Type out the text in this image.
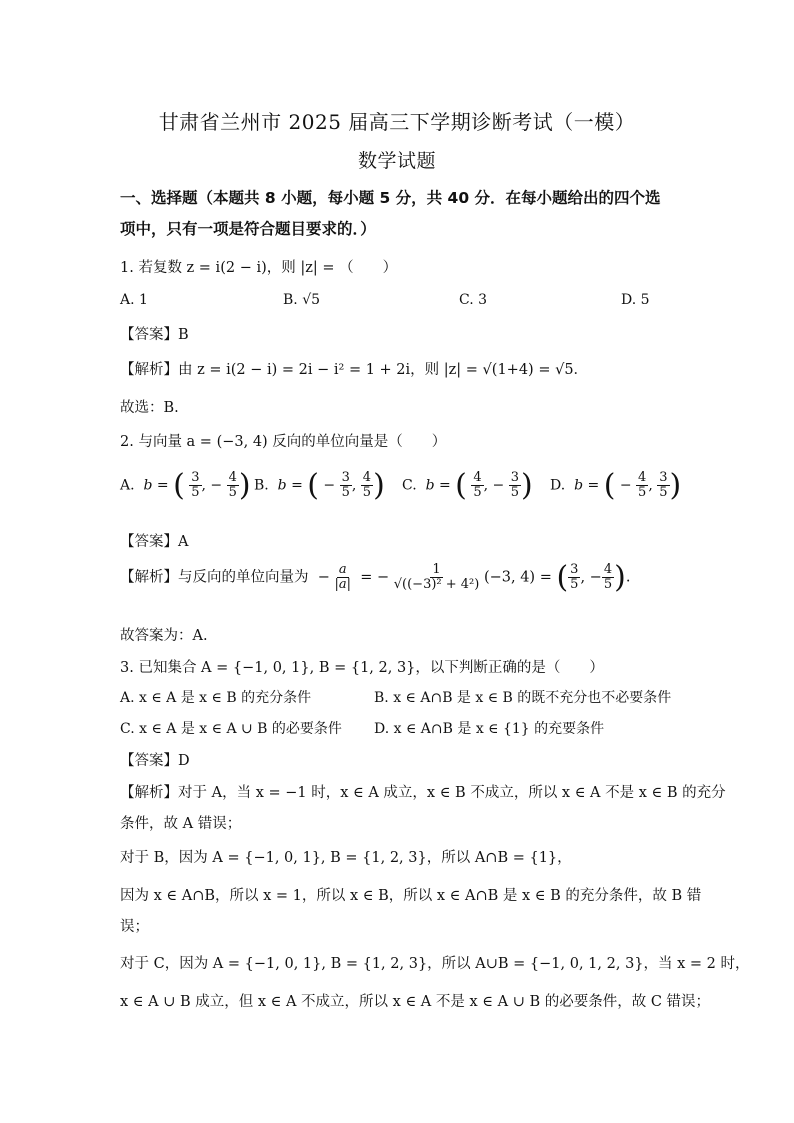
甘肃省兰州市 2025 届高三下学期诊断考试（一模）
数学试题
一、选择题（本题共 8 小题，每小题 5 分，共 40 分．在每小题给出的四个选
项中，只有一项是符合题目要求的．）
1. 若复数 z = i(2 − i)，则 |z| = （　　）
A. 1	B. √5	C. 3	D. 5
【答案】B
【解析】由 z = i(2 − i) = 2i − i² = 1 + 2i，则 |z| = √(1+4) = √5．
故选：B.
2. 与向量 a = (−3, 4) 反向的单位向量是（　　）
A.  b = ( $\frac{3}{5}$ , − $\frac{4}{5}$ ) B.  b = ( − $\frac{3}{5}$ , $\frac{4}{5}$ ) C.  b = ( $\frac{4}{5}$ , − $\frac{3}{5}$ ) D.  b = ( − $\frac{4}{5}$ , $\frac{3}{5}$ )
【答案】A
【解析】与反向的单位向量为  − $\frac{a}{|a|}$ = − $\frac{1}{\text{√((−3)² + 4²)}} (-3$, 4) = ( $\frac{3}{5}$ , − $\frac{4}{5}$ ).
故答案为：A.
3. 已知集合 A = {−1, 0, 1}, B = {1, 2, 3}，以下判断正确的是（　　）
A. x ∈ A 是 x ∈ B 的充分条件	B. x ∈ A∩B 是 x ∈ B 的既不充分也不必要条件
C. x ∈ A 是 x ∈ A ∪ B 的必要条件 D. x ∈ A∩B 是 x ∈ {1} 的充要条件
【答案】D
【解析】对于 A，当 x = −1 时，x ∈ A 成立，x ∈ B 不成立，所以 x ∈ A 不是 x ∈ B 的充分
条件，故 A 错误；
对于 B，因为 A = {−1, 0, 1}, B = {1, 2, 3}，所以 A∩B = {1}，
因为 x ∈ A∩B，所以 x = 1，所以 x ∈ B，所以 x ∈ A∩B 是 x ∈ B 的充分条件，故 B 错
误；
对于 C，因为 A = {−1, 0, 1}, B = {1, 2, 3}，所以 A∪B = {−1, 0, 1, 2, 3}，当 x = 2 时，
x ∈ A ∪ B 成立，但 x ∈ A 不成立，所以 x ∈ A 不是 x ∈ A ∪ B 的必要条件，故 C 错误；
